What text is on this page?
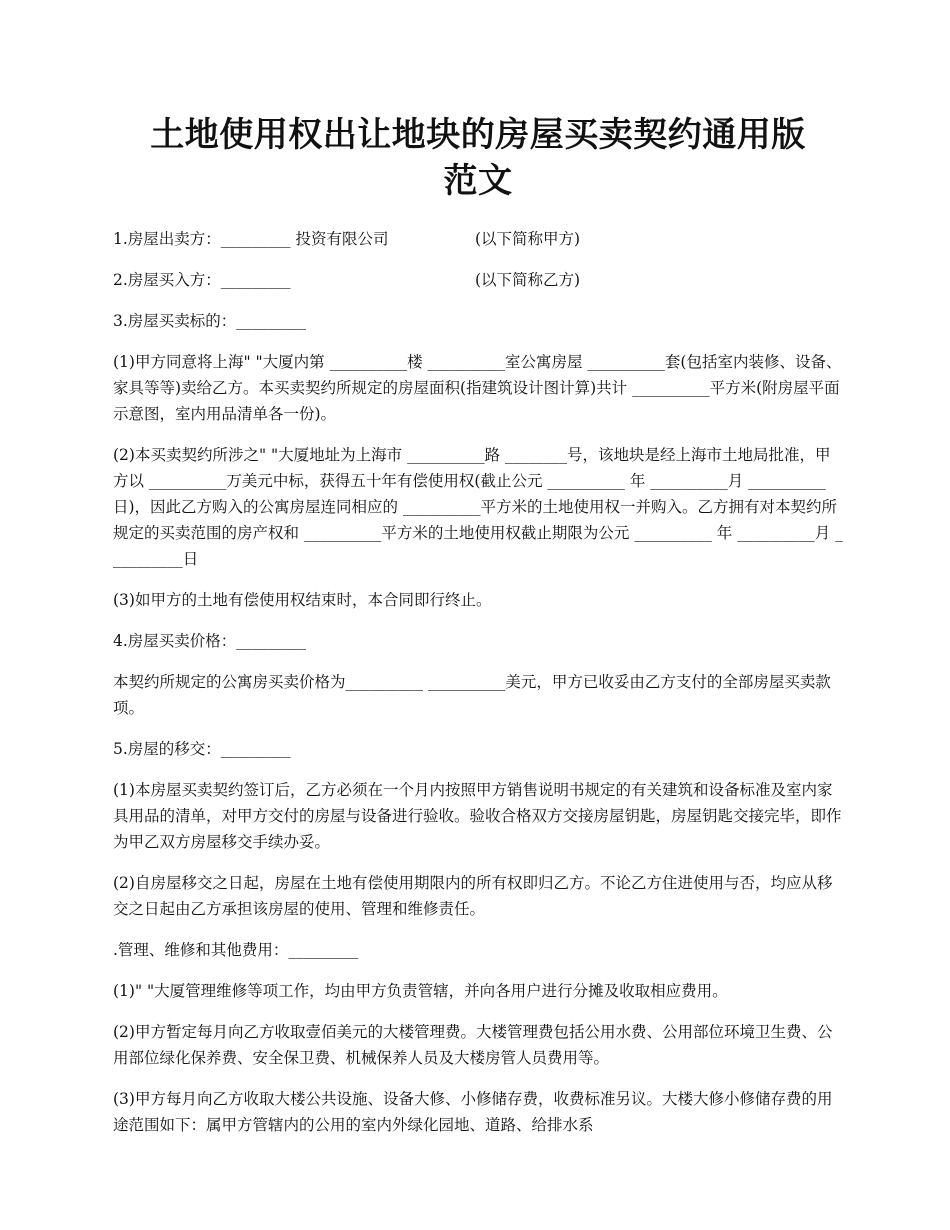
土地使用权出让地块的房屋买卖契约通用版
范文
1.房屋出卖方：_________ 投资有限公司	(以下简称甲方)
2.房屋买入方：_________	(以下简称乙方)

3.房屋买卖标的：_________

(1)甲方同意将上海" "大厦内第 __________楼 __________室公寓房屋 __________套(包括室内装修、设备、家具等等)卖给乙方。本买卖契约所规定的房屋面积(指建筑设计图计算)共计 __________平方米(附房屋平面示意图，室内用品清单各一份)。

(2)本买卖契约所涉之" "大厦地址为上海市 __________路 ________号，该地块是经上海市土地局批准，甲方以 __________万美元中标，获得五十年有偿使用权(截止公元 __________ 年 __________月 __________日)，因此乙方购入的公寓房屋连同相应的 __________平方米的土地使用权一并购入。乙方拥有对本契约所规定的买卖范围的房产权和 __________平方米的土地使用权截止期限为公元 __________ 年 __________月 __________日

(3)如甲方的土地有偿使用权结束时，本合同即行终止。

4.房屋买卖价格：_________

本契约所规定的公寓房买卖价格为__________ __________美元，甲方已收妥由乙方支付的全部房屋买卖款项。

5.房屋的移交：_________

(1)本房屋买卖契约签订后，乙方必须在一个月内按照甲方销售说明书规定的有关建筑和设备标准及室内家具用品的清单，对甲方交付的房屋与设备进行验收。验收合格双方交接房屋钥匙，房屋钥匙交接完毕，即作为甲乙双方房屋移交手续办妥。

(2)自房屋移交之日起，房屋在土地有偿使用期限内的所有权即归乙方。不论乙方住进使用与否，均应从移交之日起由乙方承担该房屋的使用、管理和维修责任。

.管理、维修和其他费用：_________

(1)" "大厦管理维修等项工作，均由甲方负责管辖，并向各用户进行分摊及收取相应费用。

(2)甲方暂定每月向乙方收取壹佰美元的大楼管理费。大楼管理费包括公用水费、公用部位环境卫生费、公用部位绿化保养费、安全保卫费、机械保养人员及大楼房管人员费用等。

(3)甲方每月向乙方收取大楼公共设施、设备大修、小修储存费，收费标准另议。大楼大修小修储存费的用途范围如下：属甲方管辖内的公用的室内外绿化园地、道路、给排水系
